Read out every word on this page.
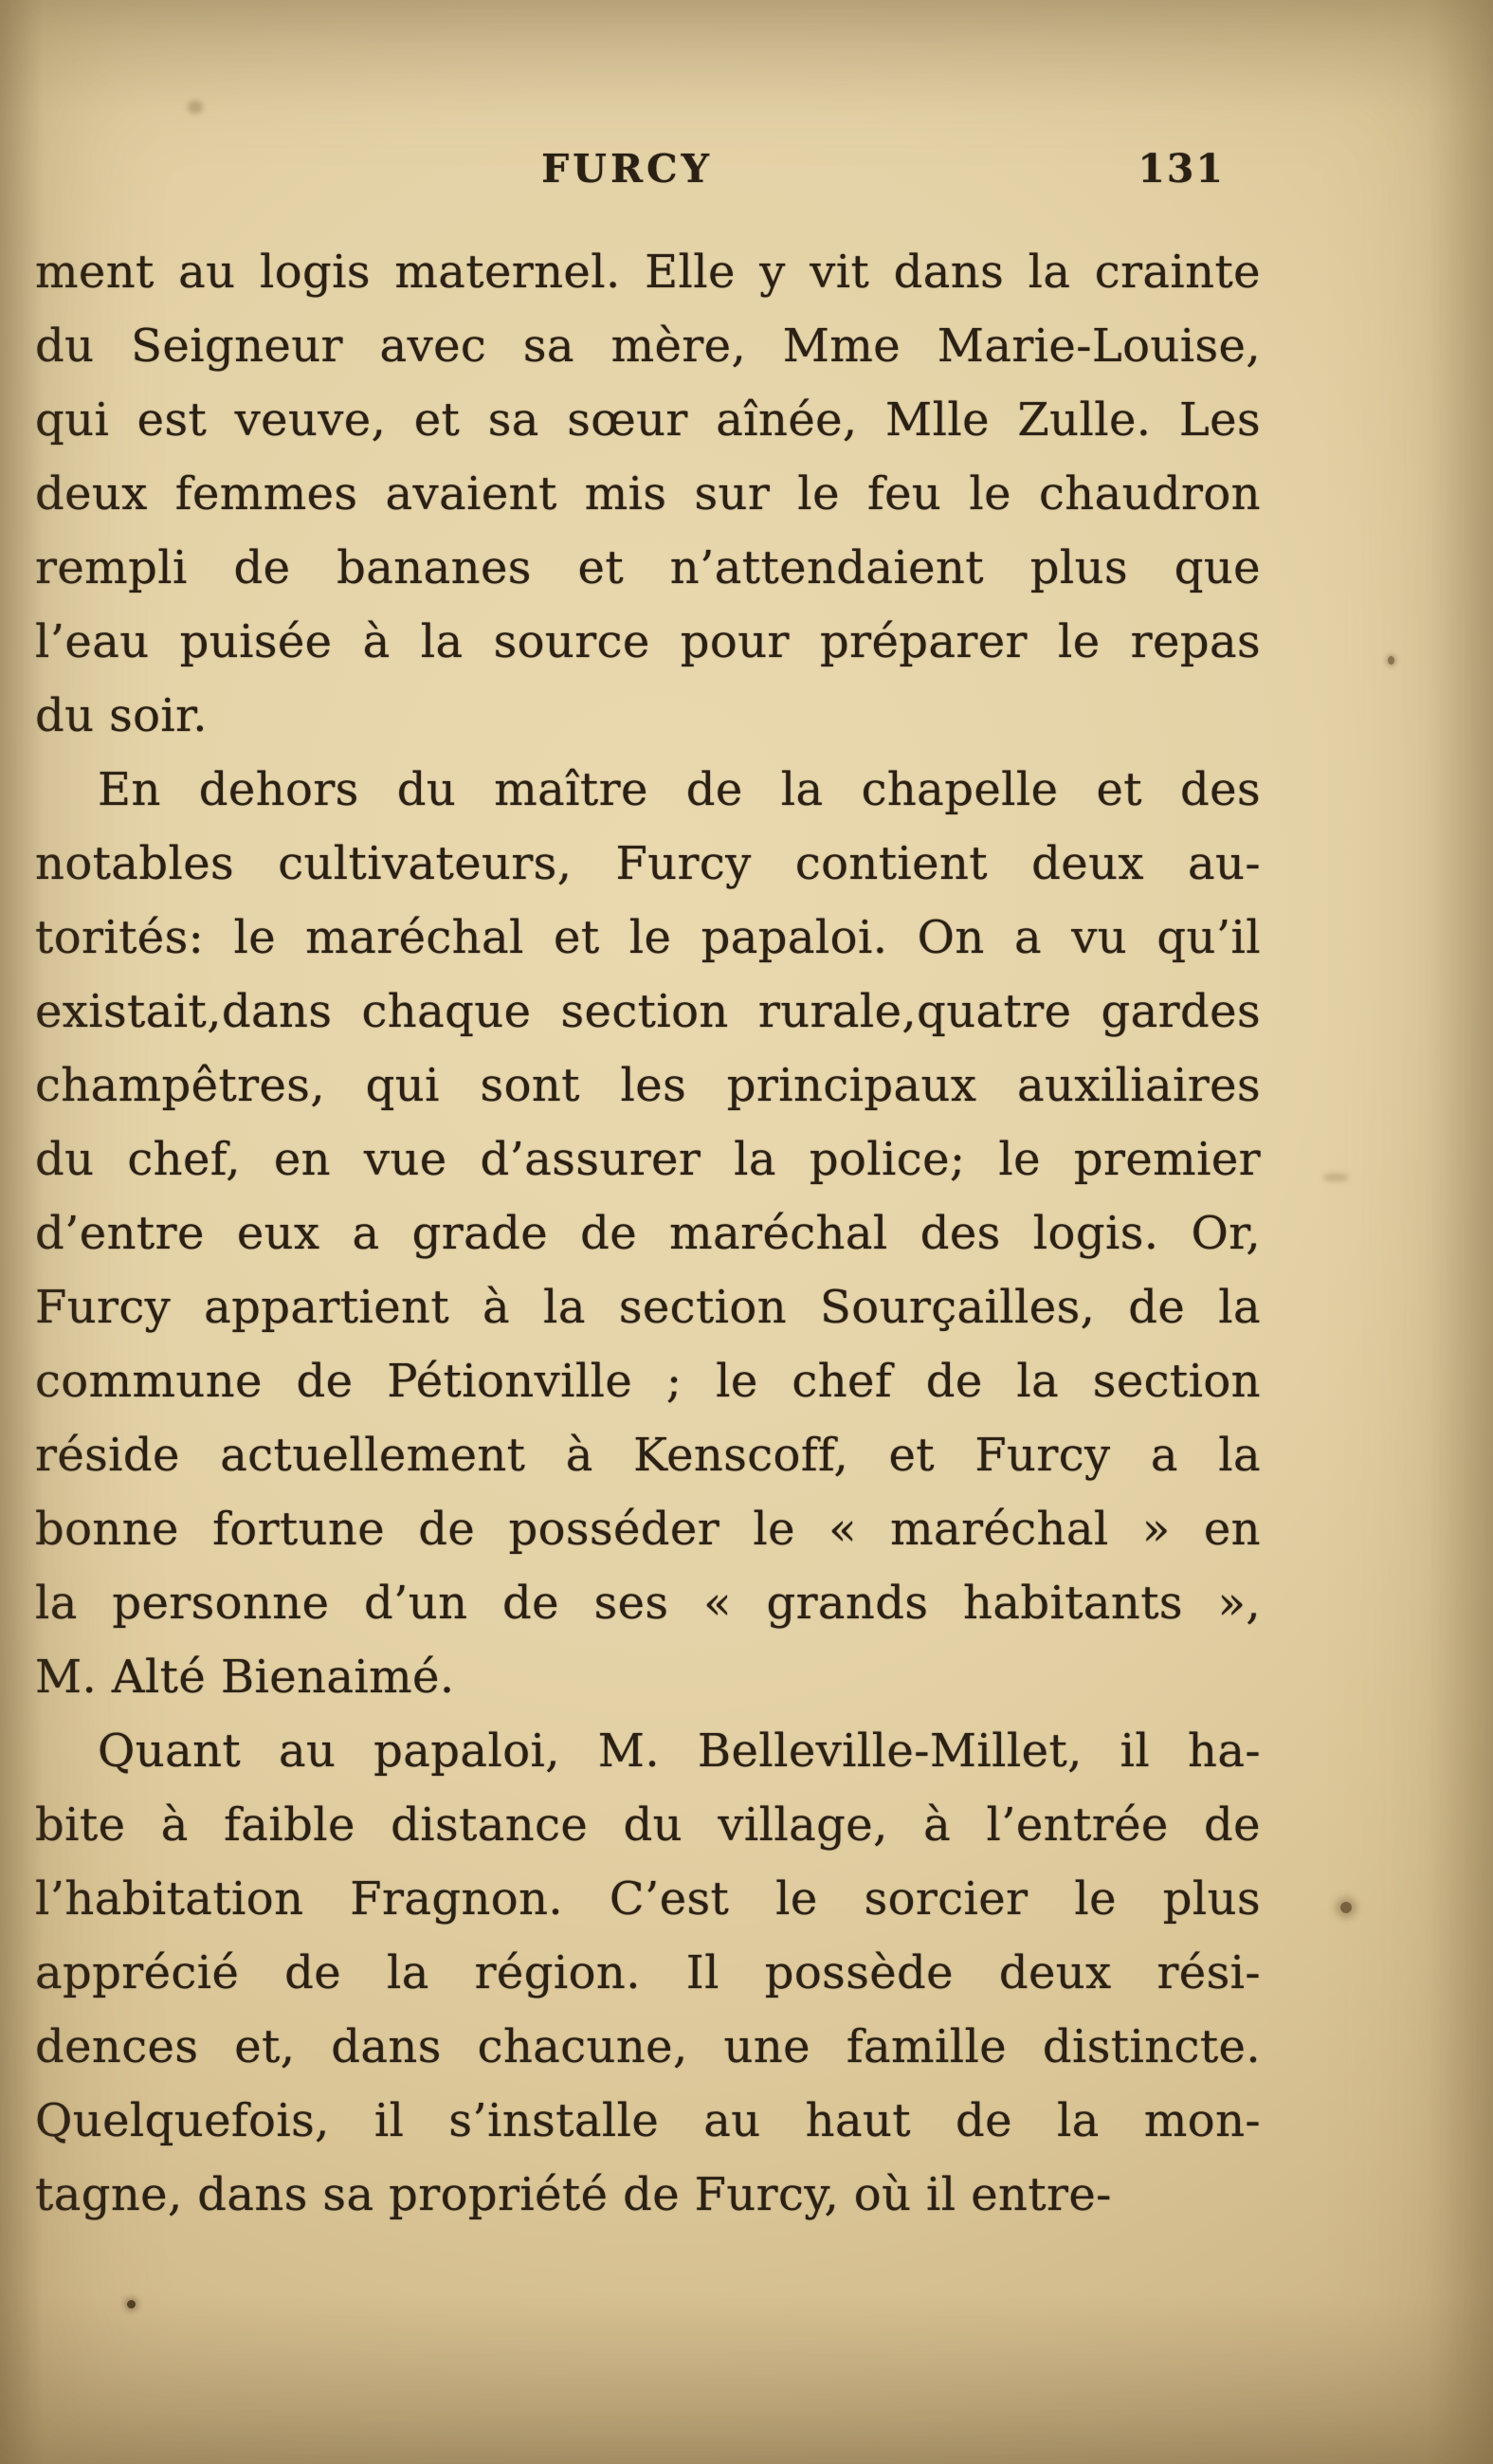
FURCY	131
ment au logis maternel. Elle y vit dans la crainte
du Seigneur avec sa mère, Mme Marie-Louise,
qui est veuve, et sa sœur aînée, Mlle Zulle. Les
deux femmes avaient mis sur le feu le chaudron
rempli de bananes et n’attendaient plus que
l’eau puisée à la source pour préparer le repas
du soir.
En dehors du maître de la chapelle et des
notables cultivateurs, Furcy contient deux au-
torités: le maréchal et le papaloi. On a vu qu’il
existait,dans chaque section rurale,quatre gardes
champêtres, qui sont les principaux auxiliaires
du chef, en vue d’assurer la police; le premier
d’entre eux a grade de maréchal des logis. Or,
Furcy appartient à la section Sourçailles, de la
commune de Pétionville ; le chef de la section
réside actuellement à Kenscoff, et Furcy a la
bonne fortune de posséder le « maréchal » en
la personne d’un de ses « grands habitants »,
M. Alté Bienaimé.
Quant au papaloi, M. Belleville-Millet, il ha-
bite à faible distance du village, à l’entrée de
l’habitation Fragnon. C’est le sorcier le plus
apprécié de la région. Il possède deux rési-
dences et, dans chacune, une famille distincte.
Quelquefois, il s’installe au haut de la mon-
tagne, dans sa propriété de Furcy, où il entre-
